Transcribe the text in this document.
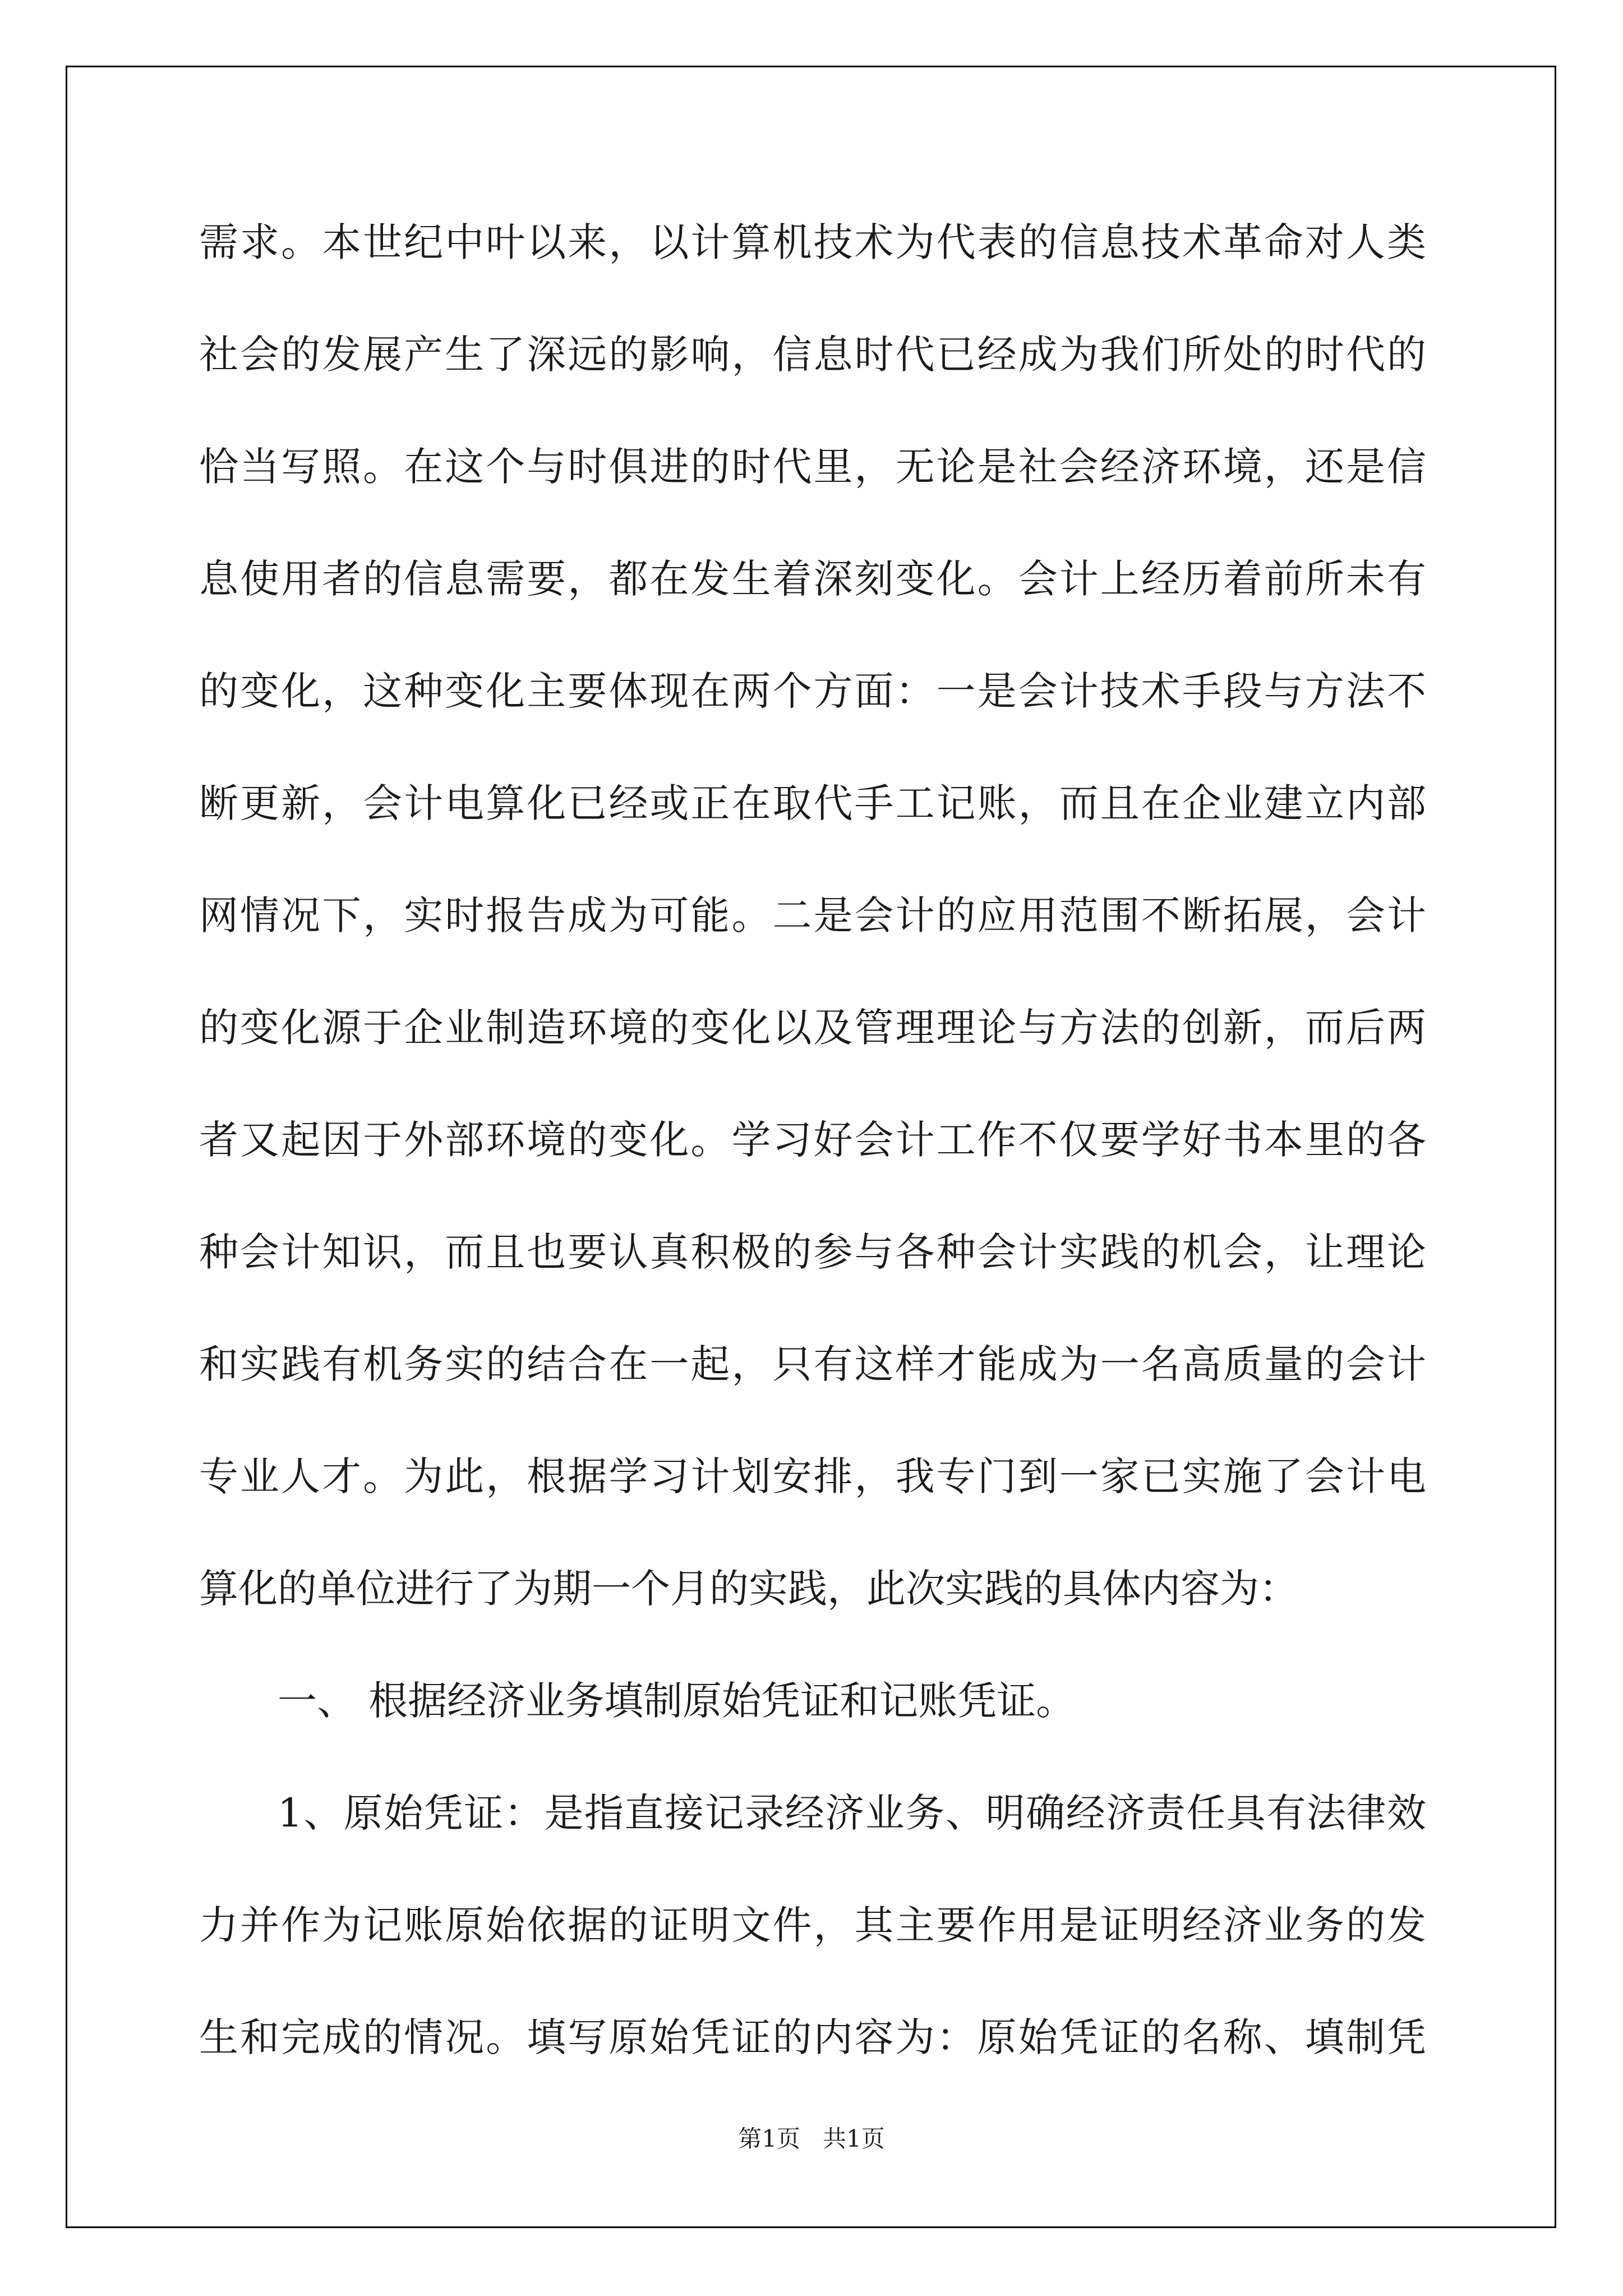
需求。本世纪中叶以来，以计算机技术为代表的信息技术革命对人类
社会的发展产生了深远的影响，信息时代已经成为我们所处的时代的
恰当写照。在这个与时俱进的时代里，无论是社会经济环境，还是信
息使用者的信息需要，都在发生着深刻变化。会计上经历着前所未有
的变化，这种变化主要体现在两个方面：一是会计技术手段与方法不
断更新，会计电算化已经或正在取代手工记账，而且在企业建立内部
网情况下，实时报告成为可能。二是会计的应用范围不断拓展，会计
的变化源于企业制造环境的变化以及管理理论与方法的创新，而后两
者又起因于外部环境的变化。学习好会计工作不仅要学好书本里的各
种会计知识，而且也要认真积极的参与各种会计实践的机会，让理论
和实践有机务实的结合在一起，只有这样才能成为一名高质量的会计
专业人才。为此，根据学习计划安排，我专门到一家已实施了会计电
算化的单位进行了为期一个月的实践，此次实践的具体内容为：
一、 根据经济业务填制原始凭证和记账凭证。
1、原始凭证：是指直接记录经济业务、明确经济责任具有法律效
力并作为记账原始依据的证明文件，其主要作用是证明经济业务的发
生和完成的情况。填写原始凭证的内容为：原始凭证的名称、填制凭
第1页 共1页
